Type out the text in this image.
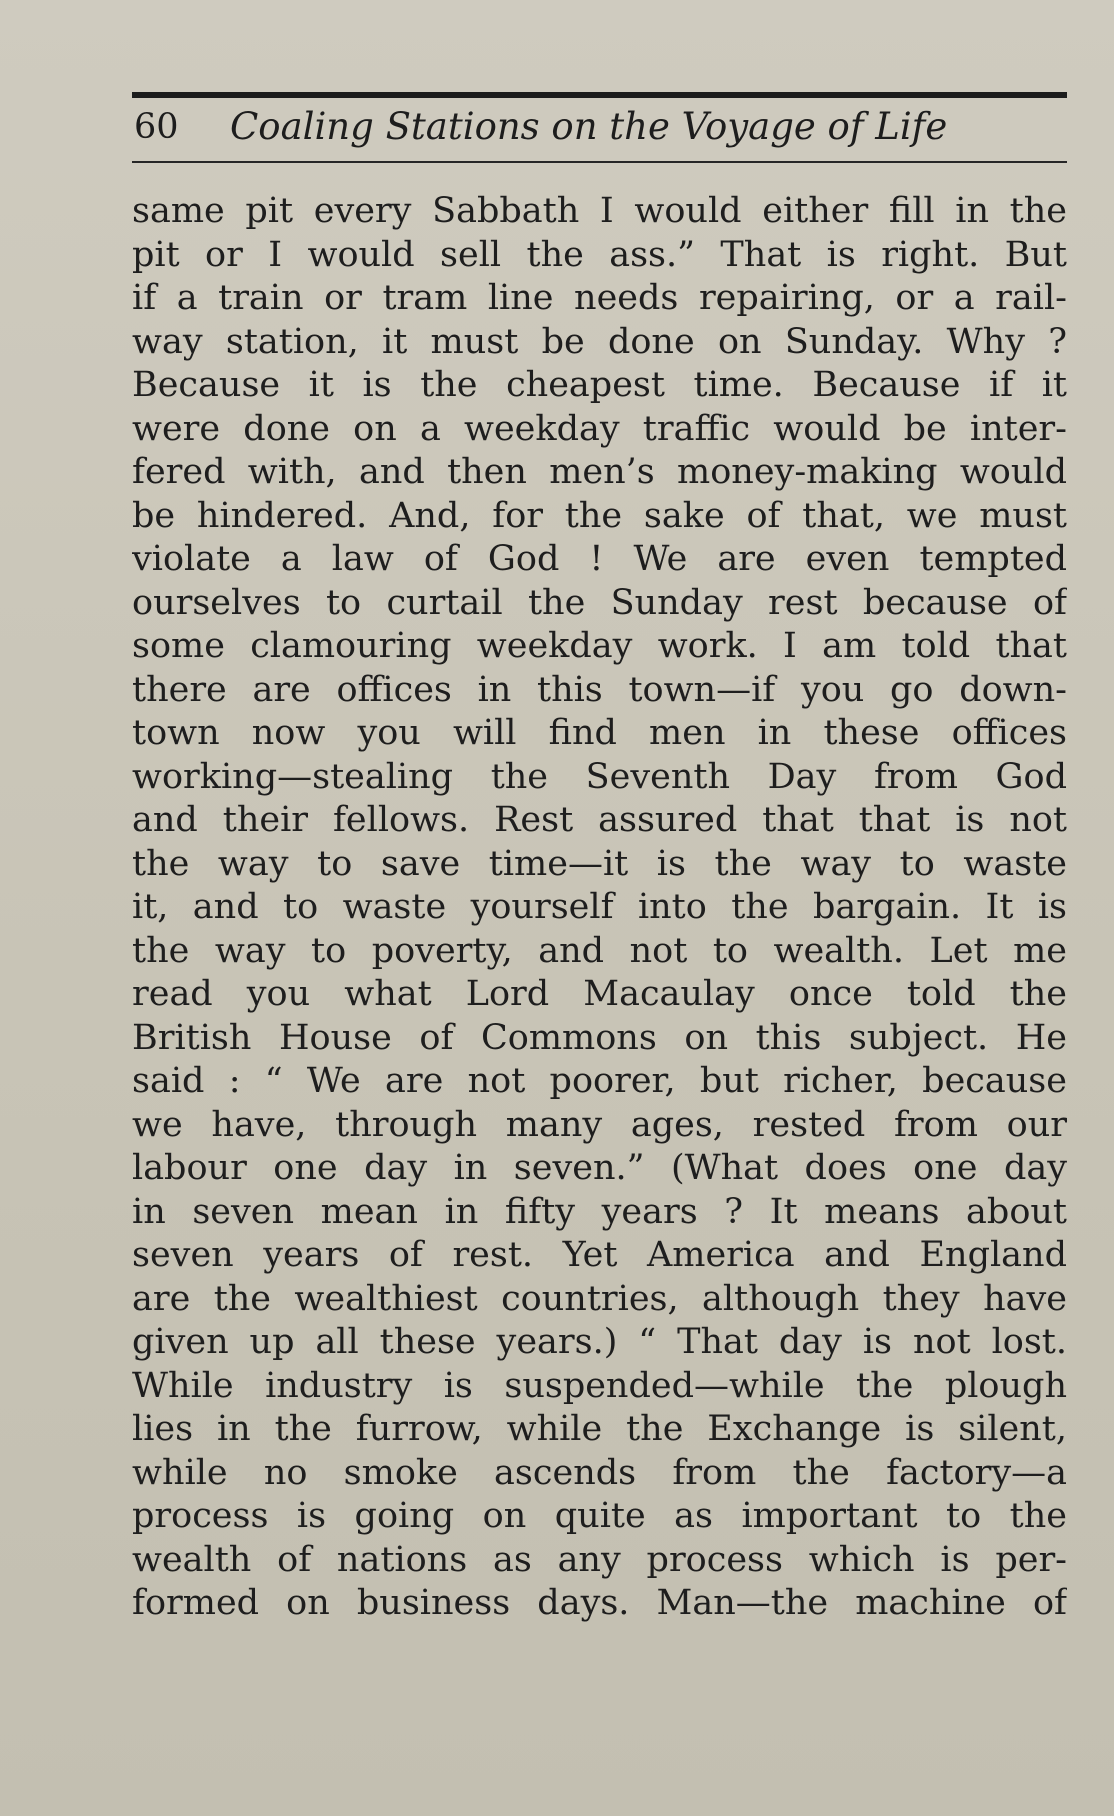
60 Coaling Stations on the Voyage of Life
same pit every Sabbath I would either fill in the
pit or I would sell the ass.” That is right. But
if a train or tram line needs repairing, or a rail-
way station, it must be done on Sunday. Why ?
Because it is the cheapest time. Because if it
were done on a weekday traffic would be inter-
fered with, and then men’s money-making would
be hindered. And, for the sake of that, we must
violate a law of God ! We are even tempted
ourselves to curtail the Sunday rest because of
some clamouring weekday work. I am told that
there are offices in this town—if you go down-
town now you will find men in these offices
working—stealing the Seventh Day from God
and their fellows. Rest assured that that is not
the way to save time—it is the way to waste
it, and to waste yourself into the bargain. It is
the way to poverty, and not to wealth. Let me
read you what Lord Macaulay once told the
British House of Commons on this subject. He
said : “ We are not poorer, but richer, because
we have, through many ages, rested from our
labour one day in seven.” (What does one day
in seven mean in fifty years ? It means about
seven years of rest. Yet America and England
are the wealthiest countries, although they have
given up all these years.) “ That day is not lost.
While industry is suspended—while the plough
lies in the furrow, while the Exchange is silent,
while no smoke ascends from the factory—a
process is going on quite as important to the
wealth of nations as any process which is per-
formed on business days. Man—the machine of
